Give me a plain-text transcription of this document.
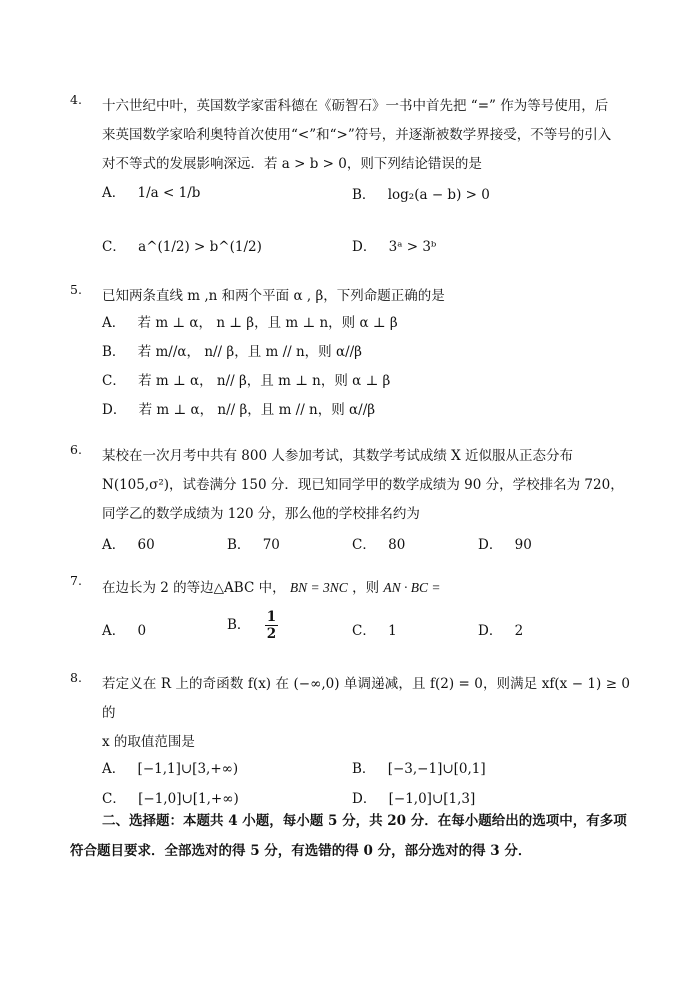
4.	十六世纪中叶，英国数学家雷科德在《砺智石》一书中首先把 “=” 作为等号使用，后
来英国数学家哈利奥特首次使用“<”和“>”符号，并逐渐被数学界接受，不等号的引入
对不等式的发展影响深远．若 a > b > 0，则下列结论错误的是
A． 1/a < 1/b	B． log₂(a − b) > 0
C． a^(1/2) > b^(1/2)	D． 3ᵃ > 3ᵇ
5.	已知两条直线 m ,n 和两个平面 α , β，下列命题正确的是
A． 若 m ⊥ α， n ⊥ β，且 m ⊥ n，则 α ⊥ β
B． 若 m//α， n// β，且 m // n，则 α//β
C． 若 m ⊥ α， n// β，且 m ⊥ n，则 α ⊥ β
D． 若 m ⊥ α， n// β，且 m // n，则 α//β
6.	某校在一次月考中共有 800 人参加考试，其数学考试成绩 X 近似服从正态分布
N(105,σ²)，试卷满分 150 分．现已知同学甲的数学成绩为 90 分，学校排名为 720，
同学乙的数学成绩为 120 分，那么他的学校排名约为
A． 60	B． 70	C． 80	D． 90
7.	在边长为 2 的等边△ABC 中， BN = 3NC ，则 AN · BC =
A． 0	B． $\frac{1}{2}$	C． 1	D． 2
8.	若定义在 R 上的奇函数 f(x) 在 (−∞,0) 单调递减，且 f(2) = 0，则满足 xf(x − 1) ≥ 0 的
x 的取值范围是
A． [−1,1]∪[3,+∞)	B． [−3,−1]∪[0,1]
C． [−1,0]∪[1,+∞)	D． [−1,0]∪[1,3]
二、选择题：本题共 4 小题，每小题 5 分，共 20 分．在每小题给出的选项中，有多项符合题目要求．全部选对的得 5 分，有选错的得 0 分，部分选对的得 3 分．
